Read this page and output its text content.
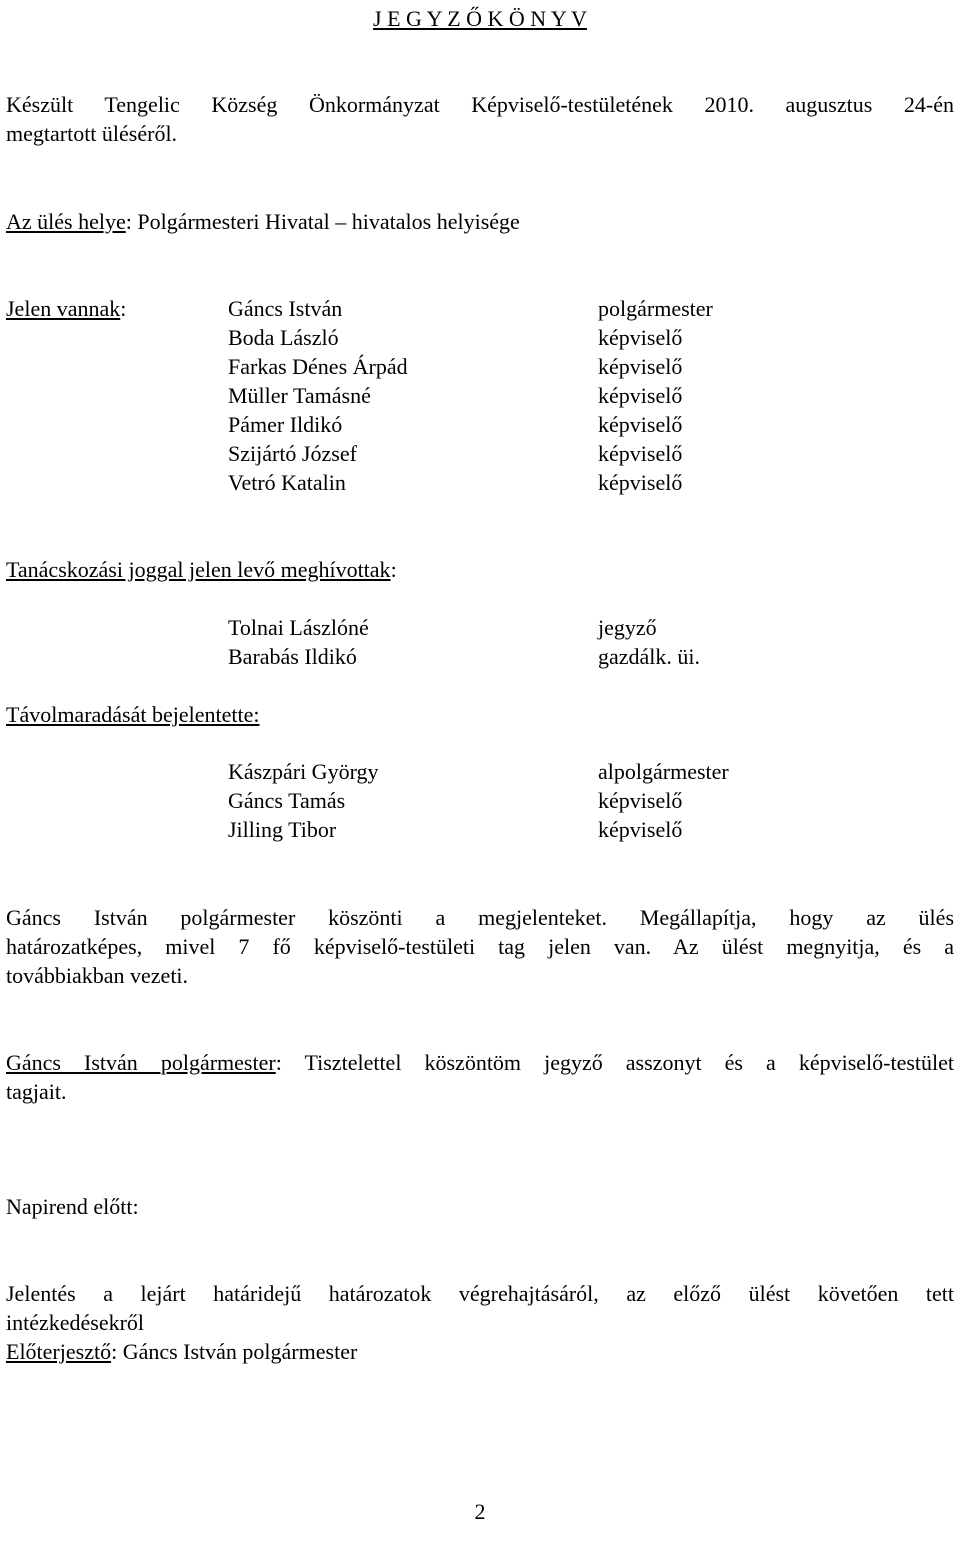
J E G Y Z Ő K Ö N Y V
Készült Tengelic Község Önkormányzat Képviselő-testületének 2010. augusztus 24-én
megtartott üléséről.
Az ülés helye: Polgármesteri Hivatal – hivatalos helyisége
Jelen vannak:	Gáncs István
Boda László
Farkas Dénes Árpád
Müller Tamásné
Pámer Ildikó
Szijártó József
Vetró Katalin
polgármester
képviselő
képviselő
képviselő
képviselő
képviselő
képviselő
Tanácskozási joggal jelen levő meghívottak:
Tolnai Lászlóné
Barabás Ildikó
jegyző
gazdálk. üi.
Távolmaradását bejelentette:
Kászpári György
Gáncs Tamás
Jilling Tibor
alpolgármester
képviselő
képviselő
Gáncs István polgármester köszönti a megjelenteket. Megállapítja, hogy az ülés
határozatképes, mivel 7 fő képviselő-testületi tag jelen van. Az ülést megnyitja, és a
továbbiakban vezeti.
Gáncs István polgármester: Tisztelettel köszöntöm jegyző asszonyt és a képviselő-testület
tagjait.
Napirend előtt:
Jelentés a lejárt határidejű határozatok végrehajtásáról, az előző ülést követően tett
intézkedésekről
Előterjesztő: Gáncs István polgármester
2
